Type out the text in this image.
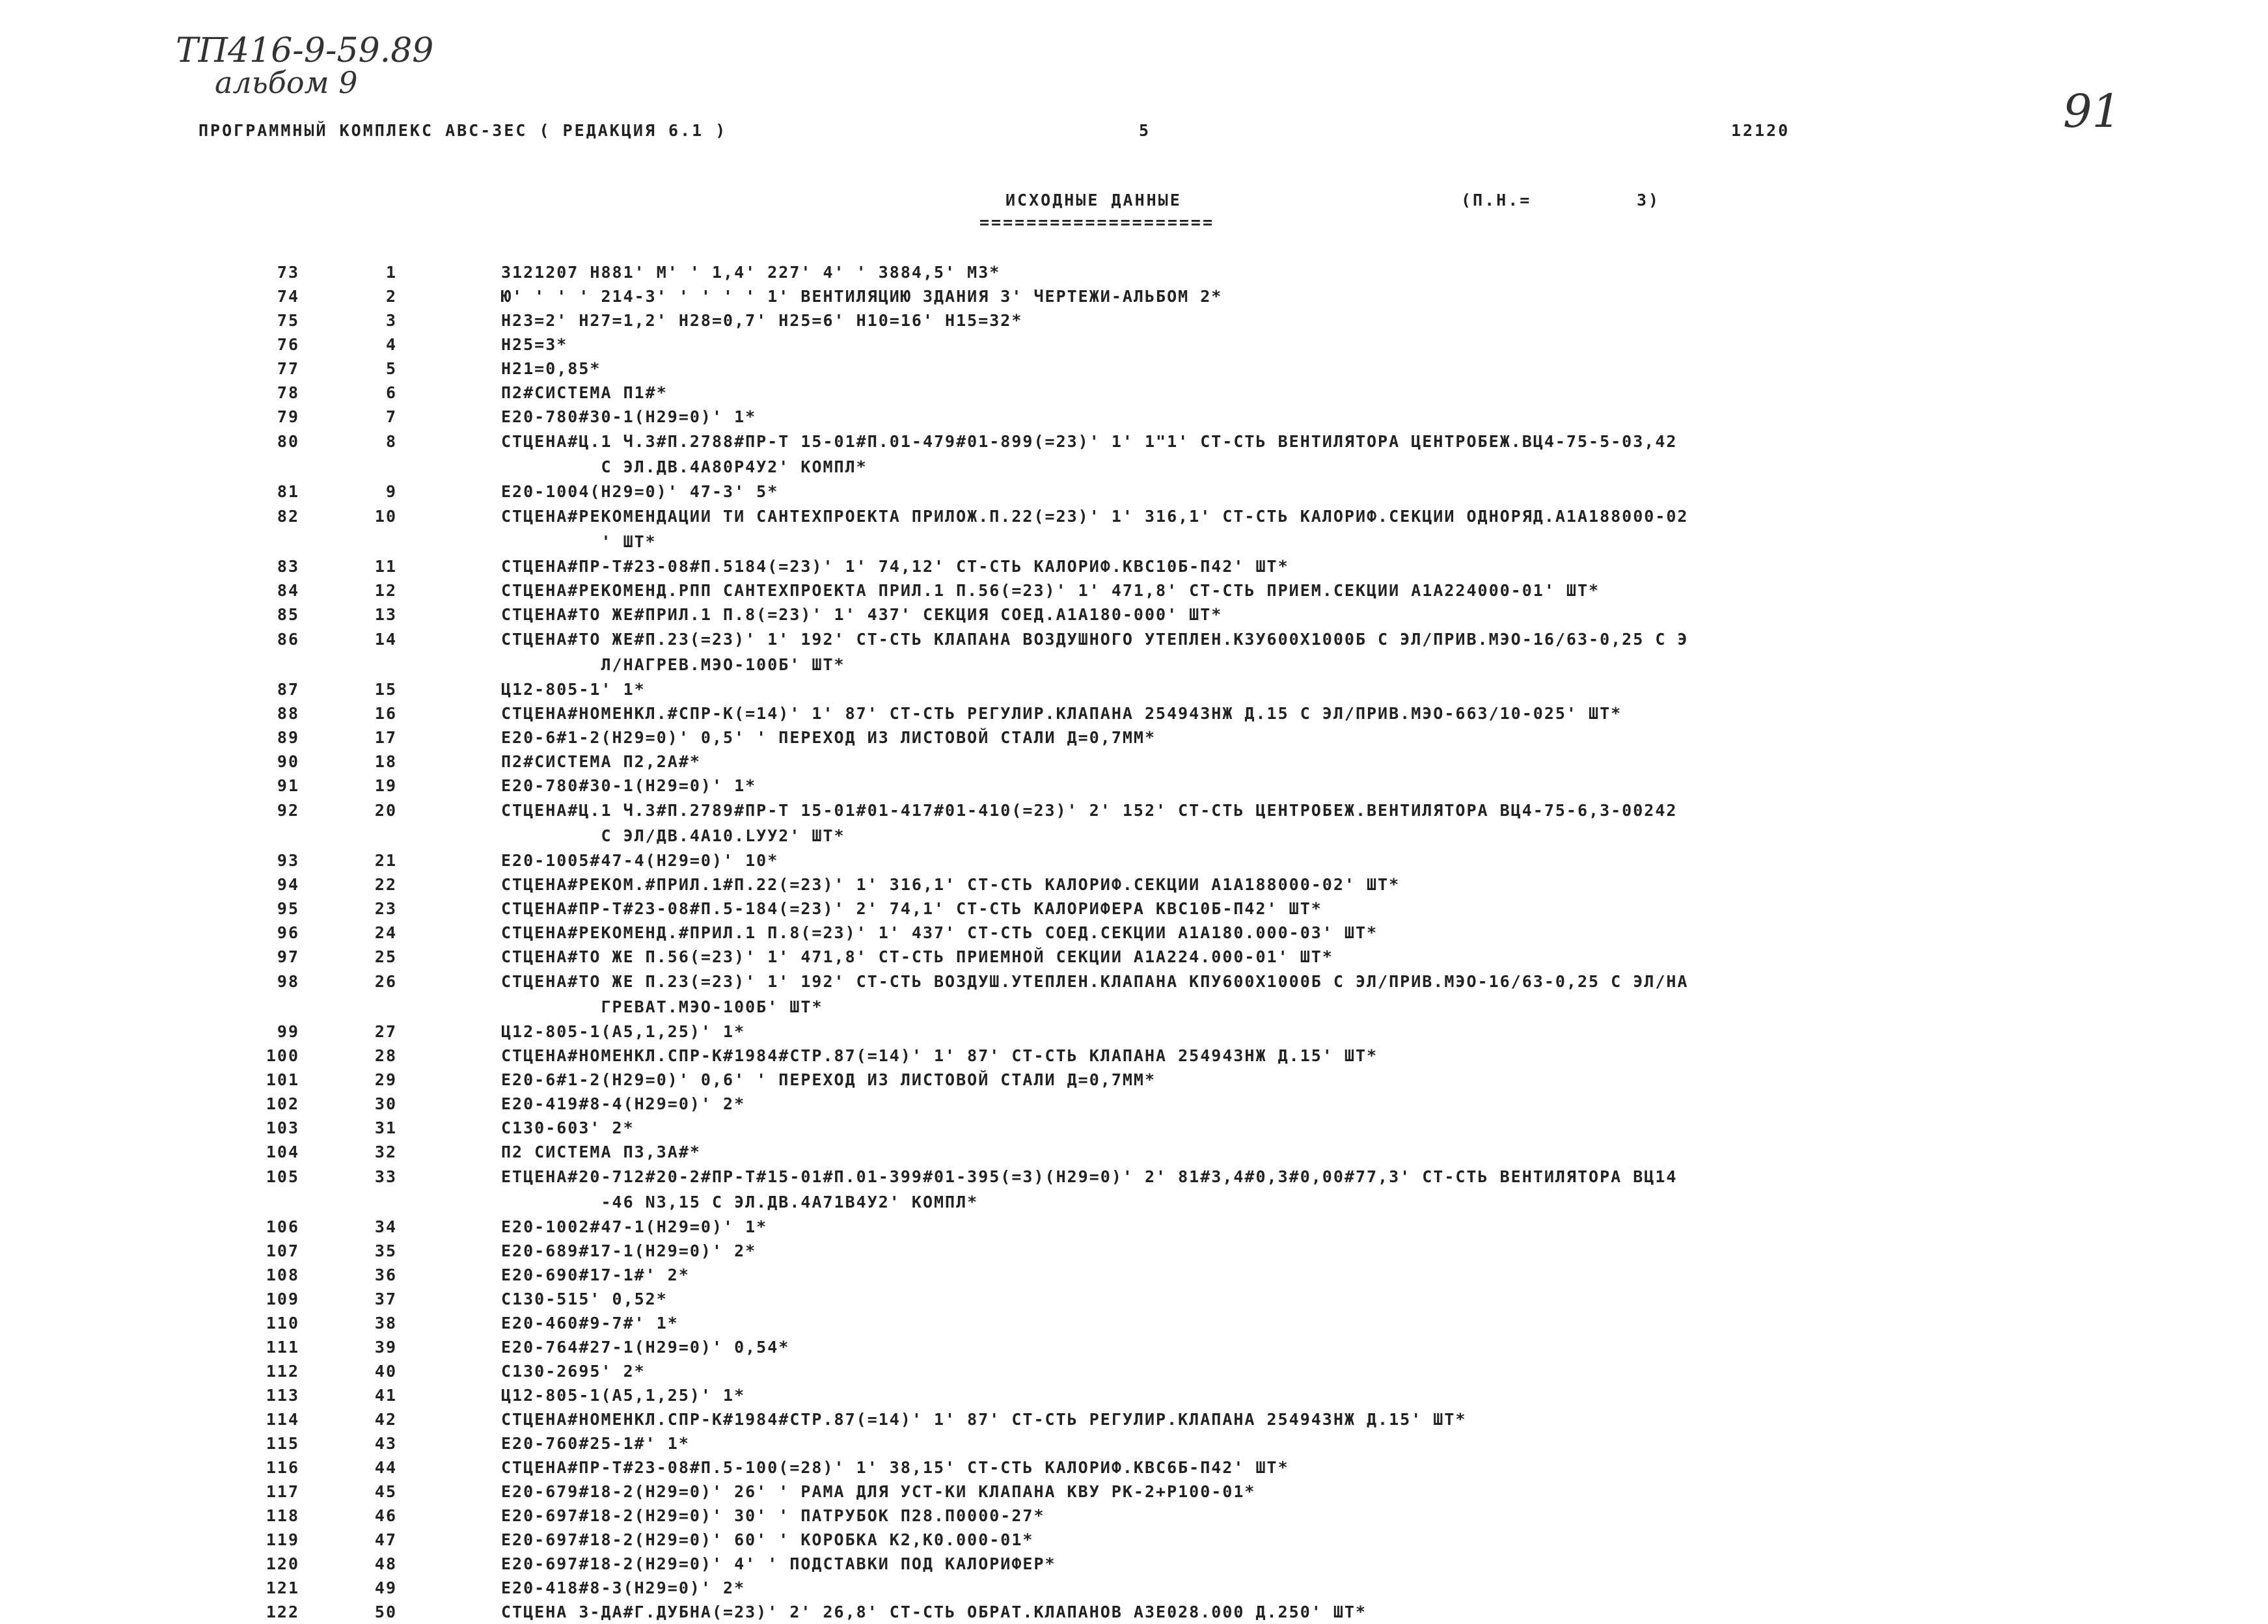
ТП416-9-59.89
альбом 9
91
ПРОГРАММНЫЙ КОМПЛЕКС АВС-ЗЕС ( РЕДАКЦИЯ 6.1 )	5	12120
ИСХОДНЫЕ ДАННЫЕ
====================
(П.Н.=	3)
73	1	3121207 Н881' М' ' 1,4' 227' 4' ' 3884,5' МЗ*
74	2	Ю' ' ' ' 214-3' ' ' ' ' 1' ВЕНТИЛЯЦИЮ ЗДАНИЯ 3' ЧЕРТЕЖИ-АЛЬБОМ 2*
75	3	Н23=2' Н27=1,2' Н28=0,7' Н25=6' Н10=16' Н15=32*
76	4	Н25=3*
77	5	Н21=0,85*
78	6	П2#СИСТЕМА П1#*
79	7	Е20-780#30-1(Н29=0)' 1*
80	8	СТЦЕНА#Ц.1 Ч.3#П.2788#ПР-Т 15-01#П.01-479#01-899(=23)' 1' 1"1' СТ-СТЬ ВЕНТИЛЯТОРА ЦЕНТРОБЕЖ.ВЦ4-75-5-03,42
С ЭЛ.ДВ.4А80Р4У2' КОМПЛ*
81	9	Е20-1004(Н29=0)' 47-3' 5*
82	10	СТЦЕНА#РЕКОМЕНДАЦИИ ТИ САНТЕХПРОЕКТА ПРИЛОЖ.П.22(=23)' 1' 316,1' СТ-СТЬ КАЛОРИФ.СЕКЦИИ ОДНОРЯД.А1А188000-02
' ШТ*
83	11	СТЦЕНА#ПР-Т#23-08#П.5184(=23)' 1' 74,12' СТ-СТЬ КАЛОРИФ.КВС10Б-П42' ШТ*
84	12	СТЦЕНА#РЕКОМЕНД.РПП САНТЕХПРОЕКТА ПРИЛ.1 П.56(=23)' 1' 471,8' СТ-СТЬ ПРИЕМ.СЕКЦИИ А1А224000-01' ШТ*
85	13	СТЦЕНА#ТО ЖЕ#ПРИЛ.1 П.8(=23)' 1' 437' СЕКЦИЯ СОЕД.А1А180-000' ШТ*
86	14	СТЦЕНА#ТО ЖЕ#П.23(=23)' 1' 192' СТ-СТЬ КЛАПАНА ВОЗДУШНОГО УТЕПЛЕН.КЗУ600Х1000Б С ЭЛ/ПРИВ.МЭО-16/63-0,25 С Э
Л/НАГРЕВ.МЭО-100Б' ШТ*
87	15	Ц12-805-1' 1*
88	16	СТЦЕНА#НОМЕНКЛ.#СПР-К(=14)' 1' 87' СТ-СТЬ РЕГУЛИР.КЛАПАНА 254943НЖ Д.15 С ЭЛ/ПРИВ.МЭО-663/10-025' ШТ*
89	17	Е20-6#1-2(Н29=0)' 0,5' ' ПЕРЕХОД ИЗ ЛИСТОВОЙ СТАЛИ Д=0,7ММ*
90	18	П2#СИСТЕМА П2,2А#*
91	19	Е20-780#30-1(Н29=0)' 1*
92	20	СТЦЕНА#Ц.1 Ч.3#П.2789#ПР-Т 15-01#01-417#01-410(=23)' 2' 152' СТ-СТЬ ЦЕНТРОБЕЖ.ВЕНТИЛЯТОРА ВЦ4-75-6,3-00242
С ЭЛ/ДВ.4А10.LУУ2' ШТ*
93	21	Е20-1005#47-4(Н29=0)' 10*
94	22	СТЦЕНА#РЕКОМ.#ПРИЛ.1#П.22(=23)' 1' 316,1' СТ-СТЬ КАЛОРИФ.СЕКЦИИ А1А188000-02' ШТ*
95	23	СТЦЕНА#ПР-Т#23-08#П.5-184(=23)' 2' 74,1' СТ-СТЬ КАЛОРИФЕРА КВС10Б-П42' ШТ*
96	24	СТЦЕНА#РЕКОМЕНД.#ПРИЛ.1 П.8(=23)' 1' 437' СТ-СТЬ СОЕД.СЕКЦИИ А1А180.000-03' ШТ*
97	25	СТЦЕНА#ТО ЖЕ П.56(=23)' 1' 471,8' СТ-СТЬ ПРИЕМНОЙ СЕКЦИИ А1А224.000-01' ШТ*
98	26	СТЦЕНА#ТО ЖЕ П.23(=23)' 1' 192' СТ-СТЬ ВОЗДУШ.УТЕПЛЕН.КЛАПАНА КПУ600Х1000Б С ЭЛ/ПРИВ.МЭО-16/63-0,25 С ЭЛ/НА
ГРЕВАТ.МЭО-100Б' ШТ*
99	27	Ц12-805-1(А5,1,25)' 1*
100	28	СТЦЕНА#НОМЕНКЛ.СПР-К#1984#СТР.87(=14)' 1' 87' СТ-СТЬ КЛАПАНА 254943НЖ Д.15' ШТ*
101	29	Е20-6#1-2(Н29=0)' 0,6' ' ПЕРЕХОД ИЗ ЛИСТОВОЙ СТАЛИ Д=0,7ММ*
102	30	Е20-419#8-4(Н29=0)' 2*
103	31	С130-603' 2*
104	32	П2 СИСТЕМА П3,3А#*
105	33	ЕТЦЕНА#20-712#20-2#ПР-Т#15-01#П.01-399#01-395(=3)(Н29=0)' 2' 81#3,4#0,3#0,00#77,3' СТ-СТЬ ВЕНТИЛЯТОРА ВЦ14
-46 N3,15 С ЭЛ.ДВ.4А71В4У2' КОМПЛ*
106	34	Е20-1002#47-1(Н29=0)' 1*
107	35	Е20-689#17-1(Н29=0)' 2*
108	36	Е20-690#17-1#' 2*
109	37	С130-515' 0,52*
110	38	Е20-460#9-7#' 1*
111	39	Е20-764#27-1(Н29=0)' 0,54*
112	40	С130-2695' 2*
113	41	Ц12-805-1(А5,1,25)' 1*
114	42	СТЦЕНА#НОМЕНКЛ.СПР-К#1984#СТР.87(=14)' 1' 87' СТ-СТЬ РЕГУЛИР.КЛАПАНА 254943НЖ Д.15' ШТ*
115	43	Е20-760#25-1#' 1*
116	44	СТЦЕНА#ПР-Т#23-08#П.5-100(=28)' 1' 38,15' СТ-СТЬ КАЛОРИФ.КВС6Б-П42' ШТ*
117	45	Е20-679#18-2(Н29=0)' 26' ' РАМА ДЛЯ УСТ-КИ КЛАПАНА КВУ РК-2+Р100-01*
118	46	Е20-697#18-2(Н29=0)' 30' ' ПАТРУБОК П28.П0000-27*
119	47	Е20-697#18-2(Н29=0)' 60' ' КОРОБКА К2,К0.000-01*
120	48	Е20-697#18-2(Н29=0)' 4' ' ПОДСТАВКИ ПОД КАЛОРИФЕР*
121	49	Е20-418#8-3(Н29=0)' 2*
122	50	СТЦЕНА 3-ДА#Г.ДУБНА(=23)' 2' 26,8' СТ-СТЬ ОБРАТ.КЛАПАНОВ АЗЕ028.000 Д.250' ШТ*
